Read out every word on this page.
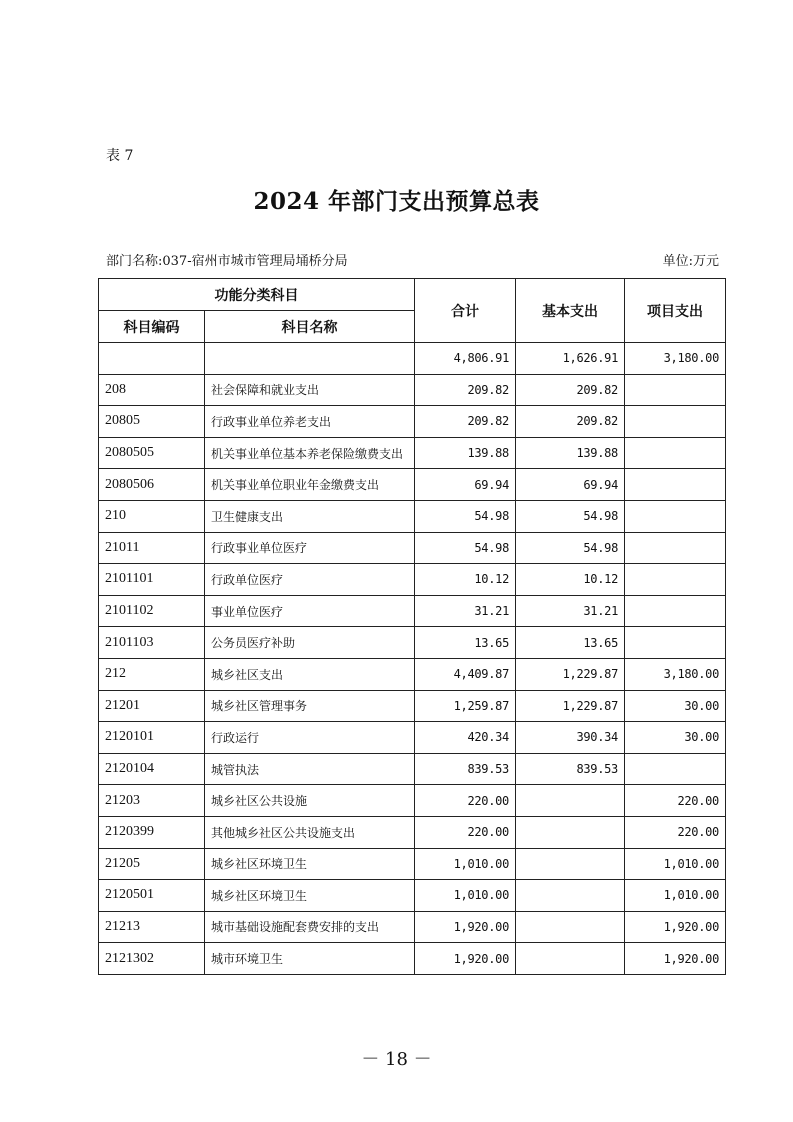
表 7
2024 年部门支出预算总表
部门名称:037-宿州市城市管理局埇桥分局	单位:万元
功能分类科目		合计	基本支出	项目支出
科目编码	科目名称			
		4,806.91	1,626.91	3,180.00
208	社会保障和就业支出	209.82	209.82	
20805	行政事业单位养老支出	209.82	209.82	
2080505	机关事业单位基本养老保险缴费支出	139.88	139.88	
2080506	机关事业单位职业年金缴费支出	69.94	69.94	
210	卫生健康支出	54.98	54.98	
21011	行政事业单位医疗	54.98	54.98	
2101101	行政单位医疗	10.12	10.12	
2101102	事业单位医疗	31.21	31.21	
2101103	公务员医疗补助	13.65	13.65	
212	城乡社区支出	4,409.87	1,229.87	3,180.00
21201	城乡社区管理事务	1,259.87	1,229.87	30.00
2120101	行政运行	420.34	390.34	30.00
2120104	城管执法	839.53	839.53	
21203	城乡社区公共设施	220.00		220.00
2120399	其他城乡社区公共设施支出	220.00		220.00
21205	城乡社区环境卫生	1,010.00		1,010.00
2120501	城乡社区环境卫生	1,010.00		1,010.00
21213	城市基础设施配套费安排的支出	1,920.00		1,920.00
2121302	城市环境卫生	1,920.00		1,920.00
－ 18 －
